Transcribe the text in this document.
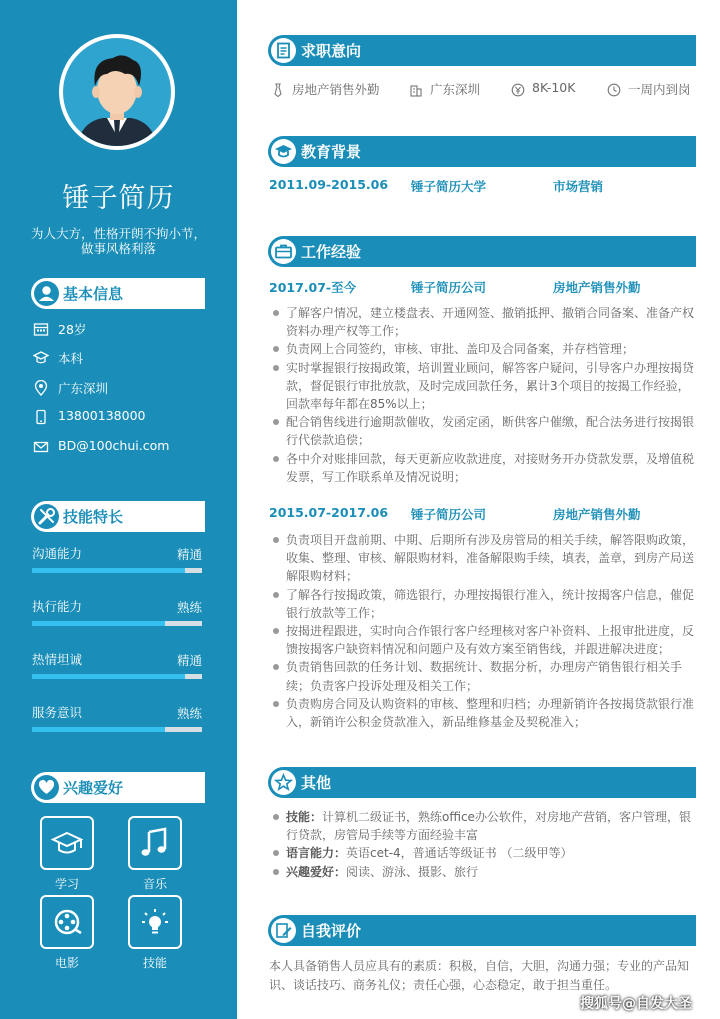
锤子简历
为人大方，性格开朗不拘小节，
做事风格利落
基本信息
28岁
本科
广东深圳
13800138000
BD@100chui.com
技能特长
沟通能力	精通
执行能力	熟练
热情坦诚	精通
服务意识	熟练
兴趣爱好
学习	音乐
电影	技能
求职意向
房地产销售外勤	广东深圳	8K-10K	一周内到岗
教育背景
2011.09-2015.06 锤子简历大学	市场营销
工作经验
2017.07-至今	锤子简历公司	房地产销售外勤
了解客户情况，建立楼盘表、开通网签、撤销抵押、撤销合同备案、准备产权资料办理产权等工作；
负责网上合同签约，审核、审批、盖印及合同备案，并存档管理；
实时掌握银行按揭政策，培训置业顾问，解答客户疑问，引导客户办理按揭贷款，督促银行审批放款，及时完成回款任务，累计3个项目的按揭工作经验，回款率每年都在85%以上；
配合销售线进行逾期款催收，发函定函，断供客户催缴，配合法务进行按揭银行代偿款追偿；
各中介对账排回款，每天更新应收款进度，对接财务开办贷款发票，及增值税发票，写工作联系单及情况说明；
2015.07-2017.06 锤子简历公司	房地产销售外勤
负责项目开盘前期、中期、后期所有涉及房管局的相关手续，解答限购政策，收集、整理、审核、解限购材料，准备解限购手续，填表，盖章，到房产局送解限购材料；
了解各行按揭政策，筛选银行，办理按揭银行准入，统计按揭客户信息，催促银行放款等工作；
按揭进程跟进，实时向合作银行客户经理核对客户补资料、上报审批进度，反馈按揭客户缺资料情况和问题户及有效方案至销售线，并跟进解决进度；
负责销售回款的任务计划、数据统计、数据分析，办理房产销售银行相关手续；负责客户投诉处理及相关工作；
负责购房合同及认购资料的审核、整理和归档；办理新销许各按揭贷款银行准入，新销许公积金贷款准入，新品维修基金及契税准入；
其他
技能：计算机二级证书，熟练office办公软件，对房地产营销，客户管理，银行贷款，房管局手续等方面经验丰富
语言能力：英语cet-4，普通话等级证书 （二级甲等）
兴趣爱好：阅读、游泳、摄影、旅行
自我评价
本人具备销售人员应具有的素质：积极，自信，大胆，沟通力强；专业的产品知识、谈话技巧、商务礼仪；责任心强，心态稳定，敢于担当重任。
搜狐号@自发大圣
